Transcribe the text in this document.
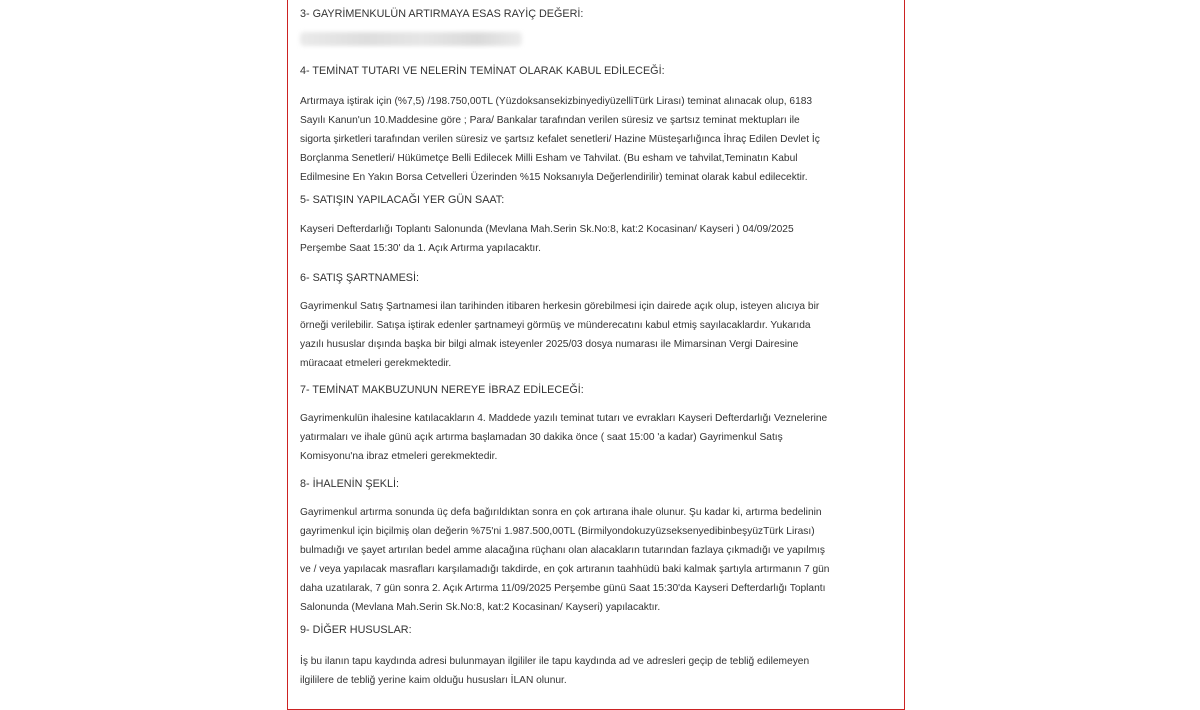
3- GAYRİMENKULÜN ARTIRMAYA ESAS RAYİÇ DEĞERİ:
4- TEMİNAT TUTARI VE NELERİN TEMİNAT OLARAK KABUL EDİLECEĞİ:
Artırmaya iştirak için (%7,5) /198.750,00TL (YüzdoksansekizbinyediyüzelliTürk Lirası) teminat alınacak olup, 6183
Sayılı Kanun'un 10.Maddesine göre ; Para/ Bankalar tarafından verilen süresiz ve şartsız teminat mektupları ile
sigorta şirketleri tarafından verilen süresiz ve şartsız kefalet senetleri/ Hazine Müsteşarlığınca İhraç Edilen Devlet İç
Borçlanma Senetleri/ Hükümetçe Belli Edilecek Milli Esham ve Tahvilat. (Bu esham ve tahvilat,Teminatın Kabul
Edilmesine En Yakın Borsa Cetvelleri Üzerinden %15 Noksanıyla Değerlendirilir) teminat olarak kabul edilecektir.
5- SATIŞIN YAPILACAĞI YER GÜN SAAT:
Kayseri Defterdarlığı Toplantı Salonunda (Mevlana Mah.Serin Sk.No:8, kat:2 Kocasinan/ Kayseri ) 04/09/2025
Perşembe Saat 15:30' da 1. Açık Artırma yapılacaktır.
6- SATIŞ ŞARTNAMESİ:
Gayrimenkul Satış Şartnamesi ilan tarihinden itibaren herkesin görebilmesi için dairede açık olup, isteyen alıcıya bir
örneği verilebilir. Satışa iştirak edenler şartnameyi görmüş ve münderecatını kabul etmiş sayılacaklardır. Yukarıda
yazılı hususlar dışında başka bir bilgi almak isteyenler 2025/03 dosya numarası ile Mimarsinan Vergi Dairesine
müracaat etmeleri gerekmektedir.
7- TEMİNAT MAKBUZUNUN NEREYE İBRAZ EDİLECEĞİ:
Gayrimenkulün ihalesine katılacakların 4. Maddede yazılı teminat tutarı ve evrakları Kayseri Defterdarlığı Veznelerine
yatırmaları ve ihale günü açık artırma başlamadan 30 dakika önce ( saat 15:00 'a kadar) Gayrimenkul Satış
Komisyonu'na ibraz etmeleri gerekmektedir.
8- İHALENİN ŞEKLİ:
Gayrimenkul artırma sonunda üç defa bağırıldıktan sonra en çok artırana ihale olunur. Şu kadar ki, artırma bedelinin
gayrimenkul için biçilmiş olan değerin %75'ni 1.987.500,00TL (BirmilyondokuzyüzseksenyedibinbeşyüzTürk Lirası)
bulmadığı ve şayet artırılan bedel amme alacağına rüçhanı olan alacakların tutarından fazlaya çıkmadığı ve yapılmış
ve / veya yapılacak masrafları karşılamadığı takdirde, en çok artıranın taahhüdü baki kalmak şartıyla artırmanın 7 gün
daha uzatılarak, 7 gün sonra 2. Açık Artırma 11/09/2025 Perşembe günü Saat 15:30'da Kayseri Defterdarlığı Toplantı
Salonunda (Mevlana Mah.Serin Sk.No:8, kat:2 Kocasinan/ Kayseri) yapılacaktır.
9- DİĞER HUSUSLAR:
İş bu ilanın tapu kaydında adresi bulunmayan ilgililer ile tapu kaydında ad ve adresleri geçip de tebliğ edilemeyen
ilgililere de tebliğ yerine kaim olduğu hususları İLAN olunur.
